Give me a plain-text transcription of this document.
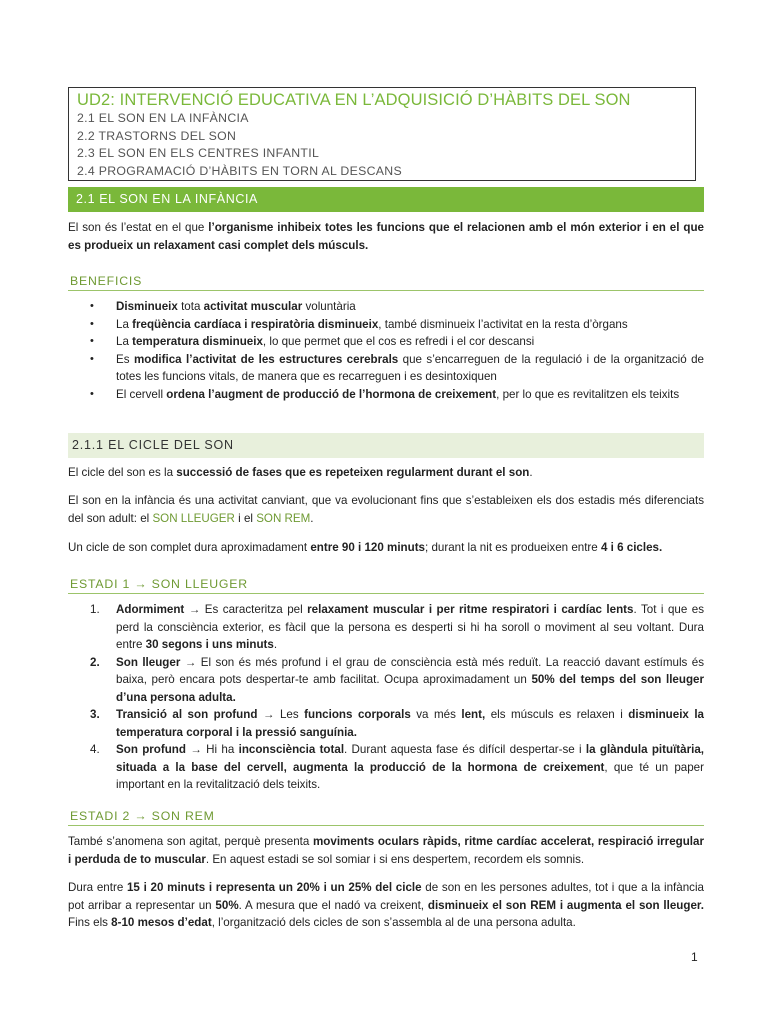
UD2: INTERVENCIÓ EDUCATIVA EN L’ADQUISICIÓ D’HÀBITS DEL SON
2.1 EL SON EN LA INFÀNCIA
2.2 TRASTORNS DEL SON
2.3 EL SON EN ELS CENTRES INFANTIL
2.4 PROGRAMACIÓ D’HÀBITS EN TORN AL DESCANS
2.1 EL SON EN LA INFÀNCIA
El son és l’estat en el que l’organisme inhibeix totes les funcions que el relacionen amb el món exterior i en el que es produeix un relaxament casi complet dels músculs.
BENEFICIS
• Disminueix tota activitat muscular voluntària
• La freqüència cardíaca i respiratòria disminueix, també disminueix l’activitat en la resta d’òrgans
• La temperatura disminueix, lo que permet que el cos es refredi i el cor descansi
• Es modifica l’activitat de les estructures cerebrals que s’encarreguen de la regulació i de la organització de totes les funcions vitals, de manera que es recarreguen i es desintoxiquen
• El cervell ordena l’augment de producció de l’hormona de creixement, per lo que es revitalitzen els teixits
2.1.1 EL CICLE DEL SON
El cicle del son es la successió de fases que es repeteixen regularment durant el son.
El son en la infància és una activitat canviant, que va evolucionant fins que s’estableixen els dos estadis més diferenciats del son adult: el SON LLEUGER i el SON REM.
Un cicle de son complet dura aproximadament entre 90 i 120 minuts; durant la nit es produeixen entre 4 i 6 cicles.
ESTADI 1 → SON LLEUGER
1. Adormiment → Es caracteritza pel relaxament muscular i per ritme respiratori i cardíac lents. Tot i que es perd la consciència exterior, es fàcil que la persona es desperti si hi ha soroll o moviment al seu voltant. Dura entre 30 segons i uns minuts.
2. Son lleuger → El son és més profund i el grau de consciència està més reduït. La reacció davant estímuls és baixa, però encara pots despertar-te amb facilitat. Ocupa aproximadament un 50% del temps del son lleuger d’una persona adulta.
3. Transició al son profund → Les funcions corporals va més lent, els músculs es relaxen i disminueix la temperatura corporal i la pressió sanguínia.
4. Son profund → Hi ha inconsciència total. Durant aquesta fase és difícil despertar-se i la glàndula pituïtària, situada a la base del cervell, augmenta la producció de la hormona de creixement, que té un paper important en la revitalització dels teixits.
ESTADI 2 → SON REM
També s’anomena son agitat, perquè presenta moviments oculars ràpids, ritme cardíac accelerat, respiració irregular i perduda de to muscular. En aquest estadi se sol somiar i si ens despertem, recordem els somnis.
Dura entre 15 i 20 minuts i representa un 20% i un 25% del cicle de son en les persones adultes, tot i que a la infància pot arribar a representar un 50%. A mesura que el nadó va creixent, disminueix el son REM i augmenta el son lleuger. Fins els 8-10 mesos d’edat, l’organització dels cicles de son s’assembla al de una persona adulta.
1
